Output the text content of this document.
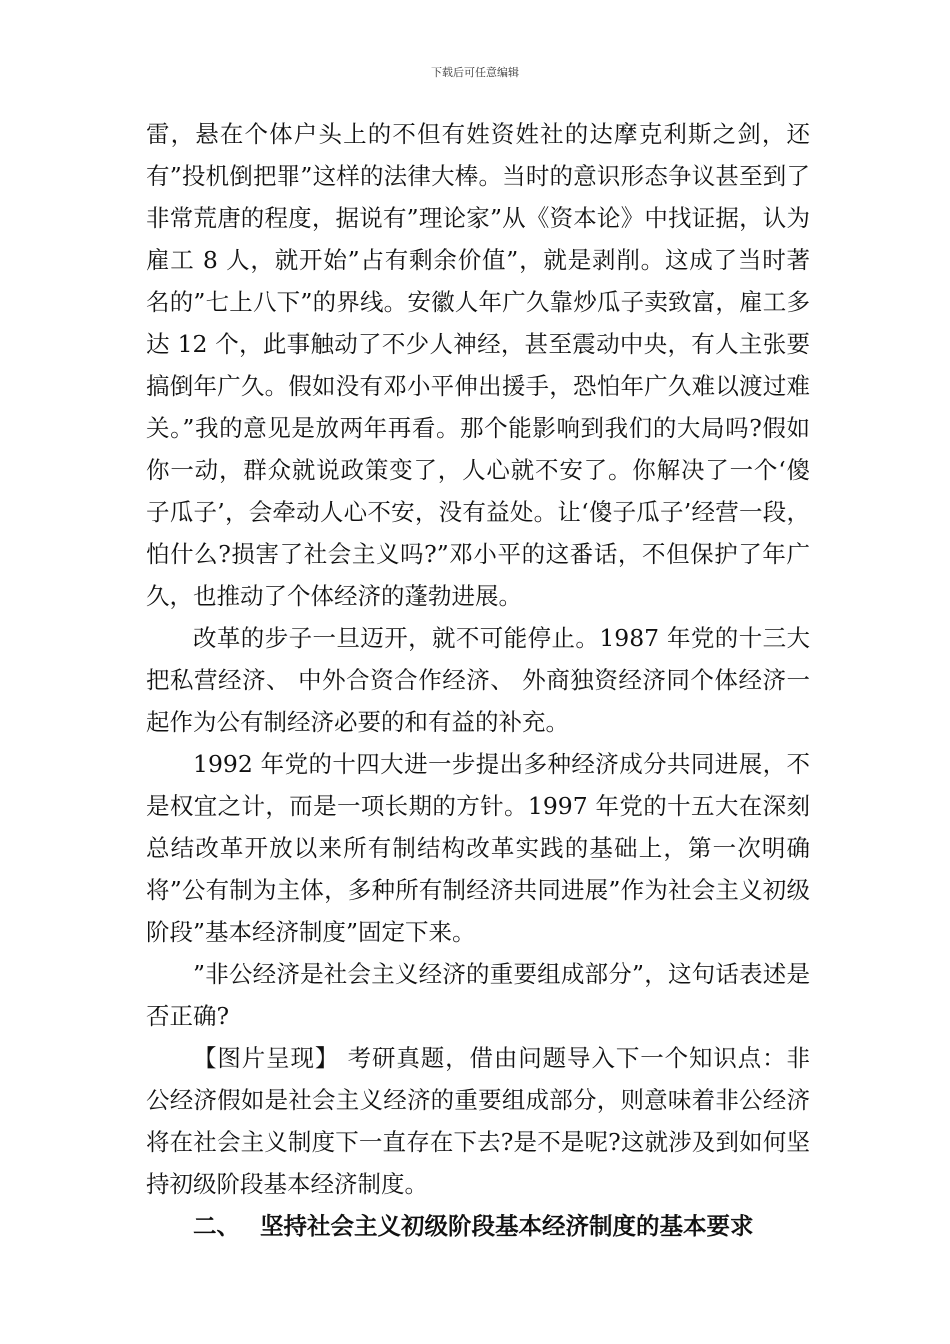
下载后可任意编辑

雷，悬在个体户头上的不但有姓资姓社的达摩克利斯之剑，还有”投机倒把罪”这样的法律大棒。当时的意识形态争议甚至到了非常荒唐的程度，据说有”理论家”从《资本论》中找证据，认为雇工 8 人，就开始”占有剩余价值”，就是剥削。这成了当时著名的”七上八下”的界线。安徽人年广久靠炒瓜子卖致富，雇工多达 12 个，此事触动了不少人神经，甚至震动中央，有人主张要搞倒年广久。假如没有邓小平伸出援手，恐怕年广久难以渡过难关。”我的意见是放两年再看。那个能影响到我们的大局吗?假如你一动，群众就说政策变了，人心就不安了。你解决了一个‘傻子瓜子’，会牵动人心不安，没有益处。让‘傻子瓜子’经营一段，怕什么?损害了社会主义吗?”邓小平的这番话，不但保护了年广久，也推动了个体经济的蓬勃进展。

改革的步子一旦迈开，就不可能停止。1987 年党的十三大把私营经济、 中外合资合作经济、 外商独资经济同个体经济一起作为公有制经济必要的和有益的补充。

1992 年党的十四大进一步提出多种经济成分共同进展，不是权宜之计，而是一项长期的方针。1997 年党的十五大在深刻总结改革开放以来所有制结构改革实践的基础上，第一次明确将”公有制为主体，多种所有制经济共同进展”作为社会主义初级阶段”基本经济制度”固定下来。

”非公经济是社会主义经济的重要组成部分”，这句话表述是否正确?

【图片呈现】 考研真题，借由问题导入下一个知识点：非公经济假如是社会主义经济的重要组成部分，则意味着非公经济将在社会主义制度下一直存在下去?是不是呢?这就涉及到如何坚持初级阶段基本经济制度。

二、 坚持社会主义初级阶段基本经济制度的基本要求
